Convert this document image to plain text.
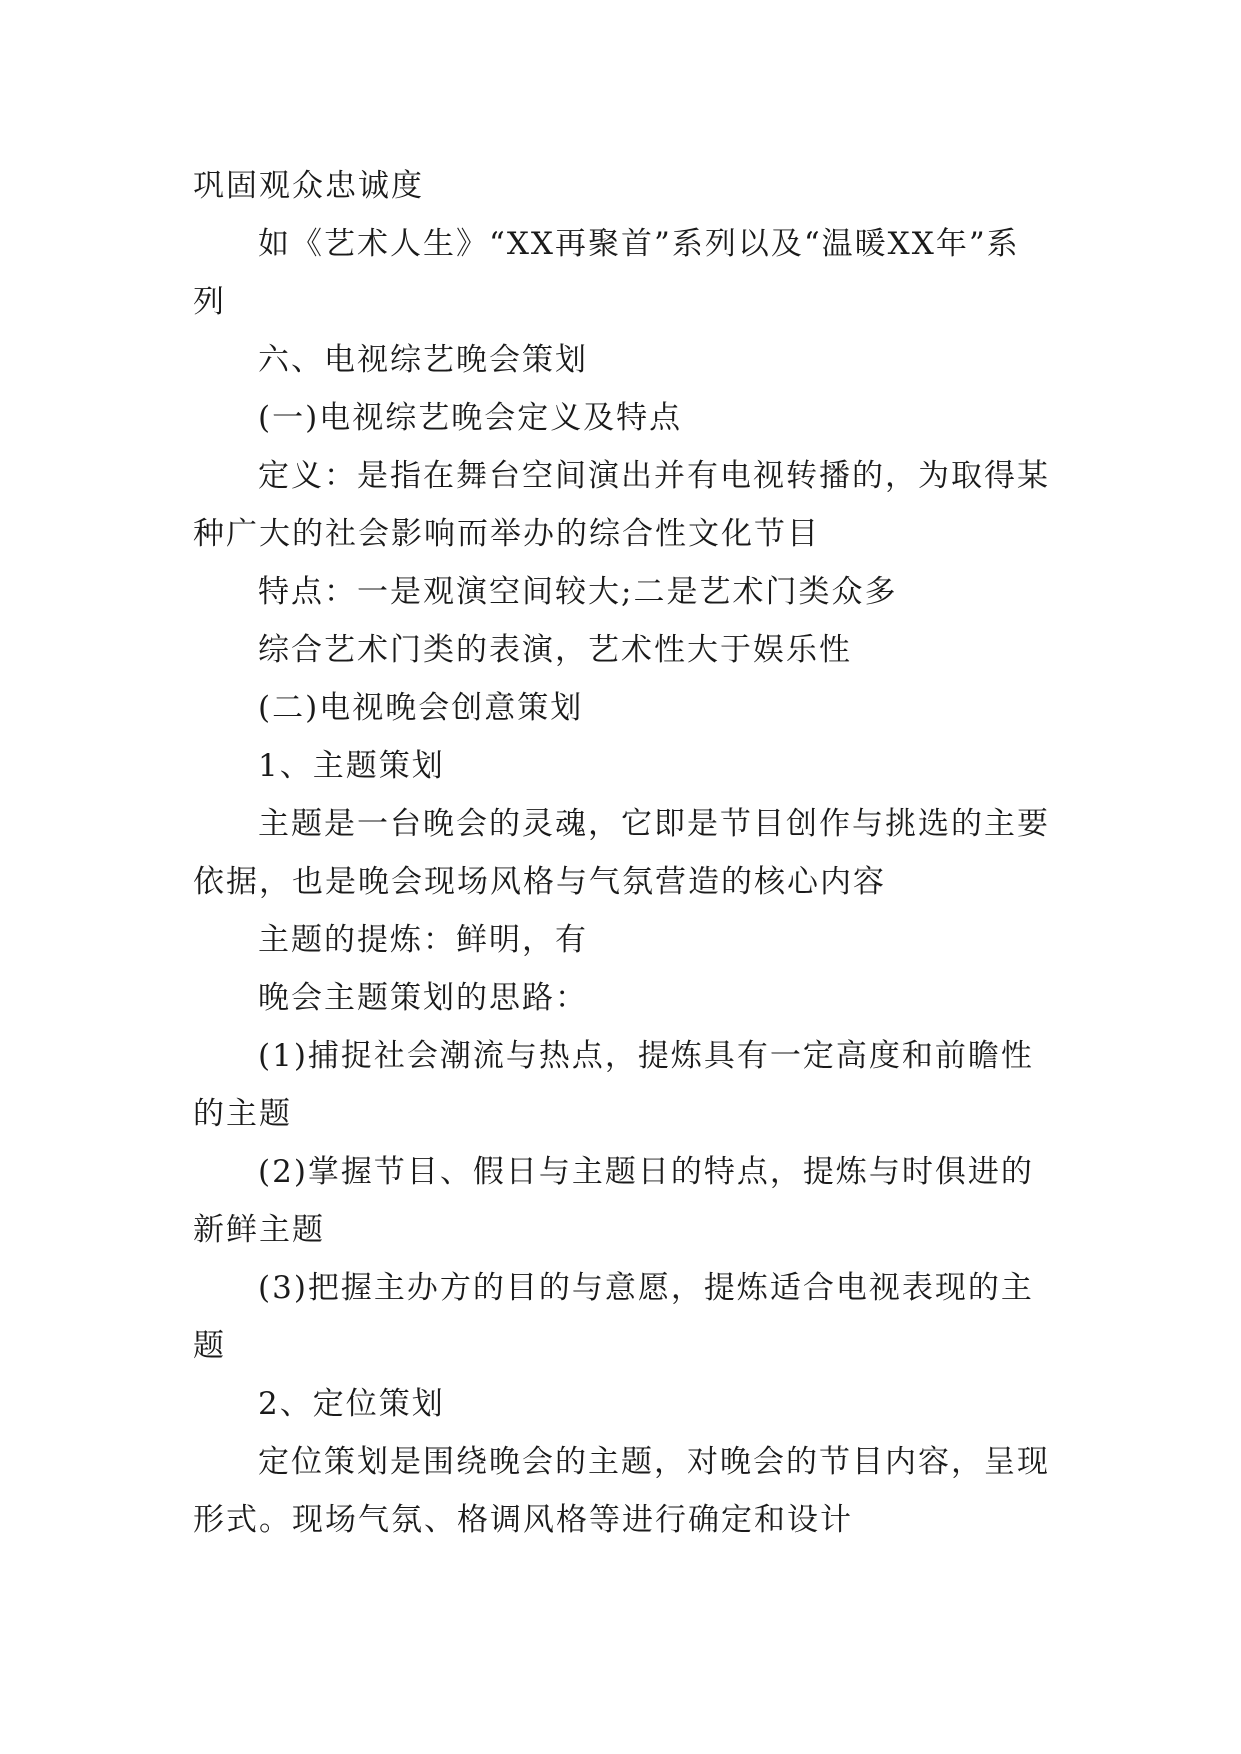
巩固观众忠诚度
如《艺术人生》“XX再聚首”系列以及“温暖XX年”系
列
六、电视综艺晚会策划
(一)电视综艺晚会定义及特点
定义：是指在舞台空间演出并有电视转播的，为取得某
种广大的社会影响而举办的综合性文化节目
特点：一是观演空间较大;二是艺术门类众多
综合艺术门类的表演，艺术性大于娱乐性
(二)电视晚会创意策划
1、主题策划
主题是一台晚会的灵魂，它即是节目创作与挑选的主要
依据，也是晚会现场风格与气氛营造的核心内容
主题的提炼：鲜明，有
晚会主题策划的思路：
(1)捕捉社会潮流与热点，提炼具有一定高度和前瞻性
的主题
(2)掌握节目、假日与主题日的特点，提炼与时俱进的
新鲜主题
(3)把握主办方的目的与意愿，提炼适合电视表现的主
题
2、定位策划
定位策划是围绕晚会的主题，对晚会的节目内容，呈现
形式。现场气氛、格调风格等进行确定和设计
